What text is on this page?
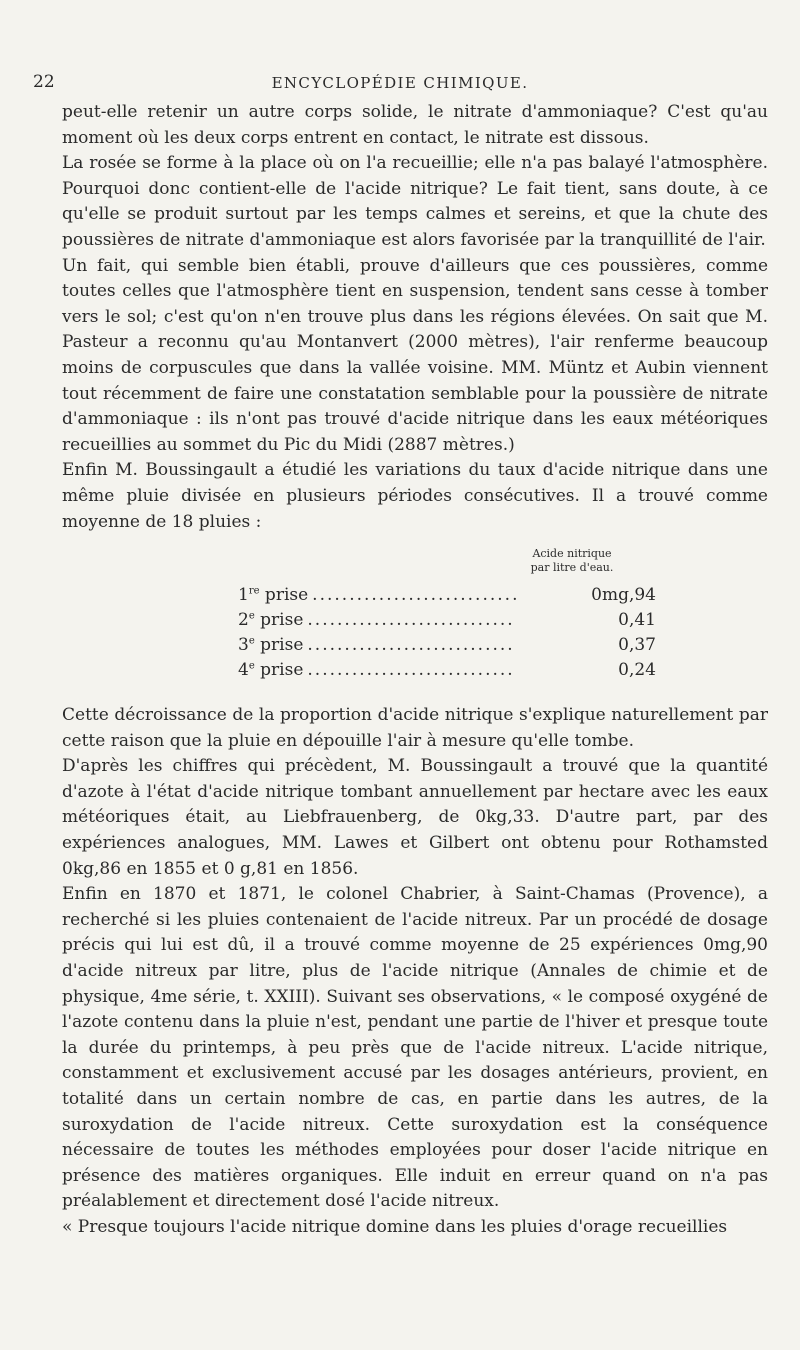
22	ENCYCLOPÉDIE CHIMIQUE.

peut-elle retenir un autre corps solide, le nitrate d'ammoniaque? C'est qu'au moment où les deux corps entrent en contact, le nitrate est dissous.

La rosée se forme à la place où on l'a recueillie; elle n'a pas balayé l'atmosphère. Pourquoi donc contient-elle de l'acide nitrique? Le fait tient, sans doute, à ce qu'elle se produit surtout par les temps calmes et sereins, et que la chute des poussières de nitrate d'ammoniaque est alors favorisée par la tranquillité de l'air.

Un fait, qui semble bien établi, prouve d'ailleurs que ces poussières, comme toutes celles que l'atmosphère tient en suspension, tendent sans cesse à tomber vers le sol; c'est qu'on n'en trouve plus dans les régions élevées. On sait que M. Pasteur a reconnu qu'au Montanvert (2000 mètres), l'air renferme beaucoup moins de corpuscules que dans la vallée voisine. MM. Müntz et Aubin viennent tout récemment de faire une constatation semblable pour la poussière de nitrate d'ammoniaque : ils n'ont pas trouvé d'acide nitrique dans les eaux météoriques recueillies au sommet du Pic du Midi (2887 mètres.)

Enfin M. Boussingault a étudié les variations du taux d'acide nitrique dans une même pluie divisée en plusieurs périodes consécutives. Il a trouvé comme moyenne de 18 pluies :

Acide nitrique
par litre d'eau.
1re prise ............................	0mg,94
2e prise ............................	0,41
3e prise ............................	0,37
4e prise ............................	0,24

Cette décroissance de la proportion d'acide nitrique s'explique naturellement par cette raison que la pluie en dépouille l'air à mesure qu'elle tombe.

D'après les chiffres qui précèdent, M. Boussingault a trouvé que la quantité d'azote à l'état d'acide nitrique tombant annuellement par hectare avec les eaux météoriques était, au Liebfrauenberg, de 0kg,33. D'autre part, par des expériences analogues, MM. Lawes et Gilbert ont obtenu pour Rothamsted 0kg,86 en 1855 et 0 g,81 en 1856.

Enfin en 1870 et 1871, le colonel Chabrier, à Saint-Chamas (Provence), a recherché si les pluies contenaient de l'acide nitreux. Par un procédé de dosage précis qui lui est dû, il a trouvé comme moyenne de 25 expériences 0mg,90 d'acide nitreux par litre, plus de l'acide nitrique (Annales de chimie et de physique, 4me série, t. XXIII). Suivant ses observations, « le composé oxygéné de l'azote contenu dans la pluie n'est, pendant une partie de l'hiver et presque toute la durée du printemps, à peu près que de l'acide nitreux. L'acide nitrique, constamment et exclusivement accusé par les dosages antérieurs, provient, en totalité dans un certain nombre de cas, en partie dans les autres, de la suroxydation de l'acide nitreux. Cette suroxydation est la conséquence nécessaire de toutes les méthodes employées pour doser l'acide nitrique en présence des matières organiques. Elle induit en erreur quand on n'a pas préalablement et directement dosé l'acide nitreux.

« Presque toujours l'acide nitrique domine dans les pluies d'orage recueillies
